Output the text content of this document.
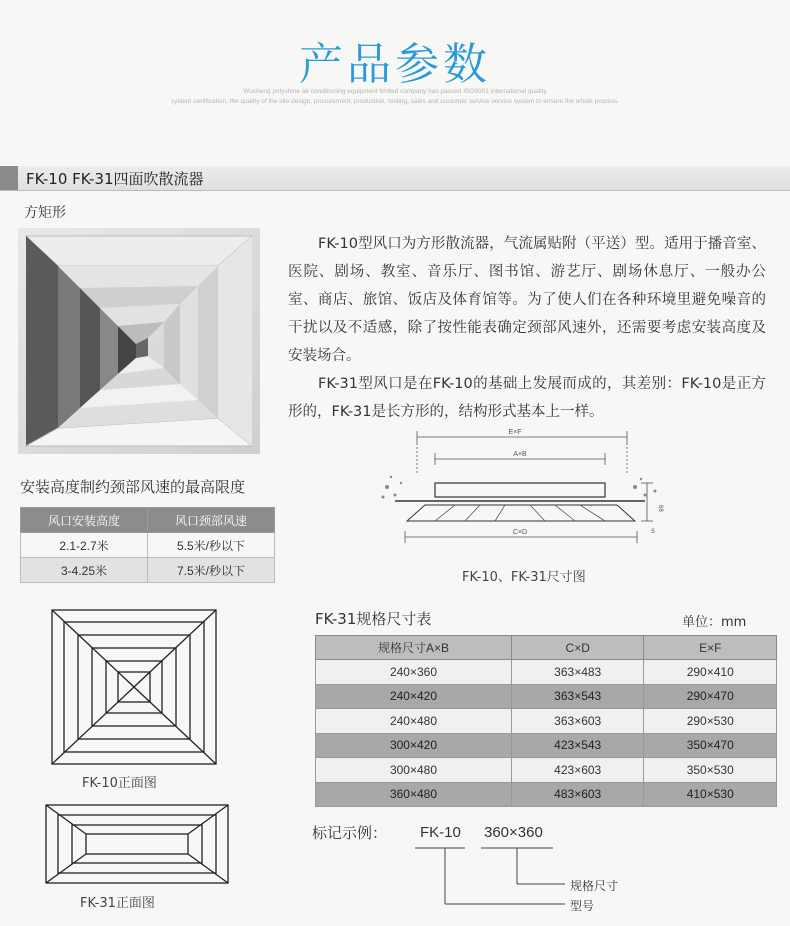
产品参数
Wucheng polyshine air conditioning equipment limited company has passed ISO9001 international quality
system certification, the quality of the site design, procurement, production, testing, sales and customer service service system to ensure the whole process.
FK-10 FK-31四面吹散流器
方矩形
FK-10型风口为方形散流器，气流属贴附（平送）型。适用于播音室、医院、剧场、教室、音乐厅、图书馆、游艺厅、剧场休息厅、一般办公室、商店、旅馆、饭店及体育馆等。为了使人们在各种环境里避免噪音的干扰以及不适感，除了按性能表确定颈部风速外，还需要考虑安装高度及安装场合。
FK-31型风口是在FK-10的基础上发展而成的，其差别：FK-10是正方形的，FK-31是长方形的，结构形式基本上一样。
E×F
A×B
C×D
68
S
FK-10、FK-31尺寸图
安装高度制约颈部风速的最高限度
风口安装高度	风口颈部风速
2.1-2.7米	5.5米/秒以下
3-4.25米	7.5米/秒以下
FK-10正面图
FK-31正面图
FK-31规格尺寸表	单位：mm
规格尺寸A×B	C×D	E×F
240×360	363×483	290×410
240×420	363×543	290×470
240×480	363×603	290×530
300×420	423×543	350×470
300×480	423×603	350×530
360×480	483×603	410×530
标记示例： FK-10 360×360
规格尺寸
型号
